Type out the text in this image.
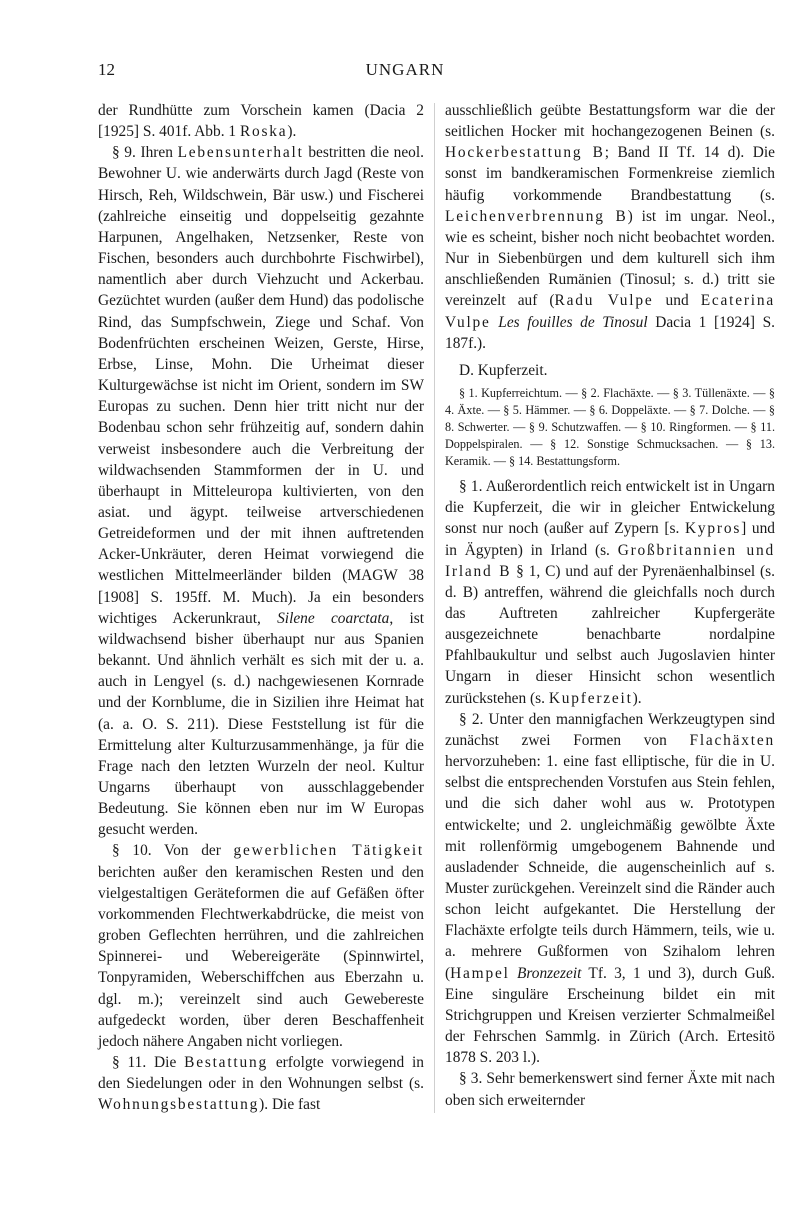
12	UNGARN

der Rundhütte zum Vorschein kamen (Dacia 2 [1925] S. 401f. Abb. 1 Roska).

§ 9. Ihren Lebensunterhalt bestritten die neol. Bewohner U. wie anderwärts durch Jagd (Reste von Hirsch, Reh, Wildschwein, Bär usw.) und Fischerei (zahlreiche einseitig und doppelseitig gezahnte Harpunen, Angelhaken, Netzsenker, Reste von Fischen, besonders auch durchbohrte Fischwirbel), namentlich aber durch Viehzucht und Ackerbau. Gezüchtet wurden (außer dem Hund) das podolische Rind, das Sumpfschwein, Ziege und Schaf. Von Bodenfrüchten erscheinen Weizen, Gerste, Hirse, Erbse, Linse, Mohn. Die Urheimat dieser Kulturgewächse ist nicht im Orient, sondern im SW Europas zu suchen. Denn hier tritt nicht nur der Bodenbau schon sehr frühzeitig auf, sondern dahin verweist insbesondere auch die Verbreitung der wildwachsenden Stammformen der in U. und überhaupt in Mitteleuropa kultivierten, von den asiat. und ägypt. teilweise artverschiedenen Getreideformen und der mit ihnen auftretenden Acker-Unkräuter, deren Heimat vorwiegend die westlichen Mittelmeerländer bilden (MAGW 38 [1908] S. 195ff. M. Much). Ja ein besonders wichtiges Ackerunkraut, Silene coarctata, ist wildwachsend bisher überhaupt nur aus Spanien bekannt. Und ähnlich verhält es sich mit der u. a. auch in Lengyel (s. d.) nachgewiesenen Kornrade und der Kornblume, die in Sizilien ihre Heimat hat (a. a. O. S. 211). Diese Feststellung ist für die Ermittelung alter Kulturzusammenhänge, ja für die Frage nach den letzten Wurzeln der neol. Kultur Ungarns überhaupt von ausschlaggebender Bedeutung. Sie können eben nur im W Europas gesucht werden.

§ 10. Von der gewerblichen Tätigkeit berichten außer den keramischen Resten und den vielgestaltigen Geräteformen die auf Gefäßen öfter vorkommenden Flechtwerkabdrücke, die meist von groben Geflechten herrühren, und die zahlreichen Spinnerei- und Webereigeräte (Spinnwirtel, Tonpyramiden, Weberschiffchen aus Eberzahn u. dgl. m.); vereinzelt sind auch Gewebereste aufgedeckt worden, über deren Beschaffenheit jedoch nähere Angaben nicht vorliegen.

§ 11. Die Bestattung erfolgte vorwiegend in den Siedelungen oder in den Wohnungen selbst (s. Wohnungsbestattung). Die fast

ausschließlich geübte Bestattungsform war die der seitlichen Hocker mit hochangezogenen Beinen (s. Hockerbestattung B; Band II Tf. 14 d). Die sonst im bandkeramischen Formenkreise ziemlich häufig vorkommende Brandbestattung (s. Leichenverbrennung B) ist im ungar. Neol., wie es scheint, bisher noch nicht beobachtet worden. Nur in Siebenbürgen und dem kulturell sich ihm anschließenden Rumänien (Tinosul; s. d.) tritt sie vereinzelt auf (Radu Vulpe und Ecaterina Vulpe Les fouilles de Tinosul Dacia 1 [1924] S. 187f.).

D. Kupferzeit.

§ 1. Kupferreichtum. — § 2. Flachäxte. — § 3. Tüllenäxte. — § 4. Äxte. — § 5. Hämmer. — § 6. Doppeläxte. — § 7. Dolche. — § 8. Schwerter. — § 9. Schutzwaffen. — § 10. Ringformen. — § 11. Doppelspiralen. — § 12. Sonstige Schmucksachen. — § 13. Keramik. — § 14. Bestattungsform.

§ 1. Außerordentlich reich entwickelt ist in Ungarn die Kupferzeit, die wir in gleicher Entwickelung sonst nur noch (außer auf Zypern [s. Kypros] und in Ägypten) in Irland (s. Großbritannien und Irland B § 1, C) und auf der Pyrenäenhalbinsel (s. d. B) antreffen, während die gleichfalls noch durch das Auftreten zahlreicher Kupfergeräte ausgezeichnete benachbarte nordalpine Pfahlbaukultur und selbst auch Jugoslavien hinter Ungarn in dieser Hinsicht schon wesentlich zurückstehen (s. Kupferzeit).

§ 2. Unter den mannigfachen Werkzeugtypen sind zunächst zwei Formen von Flachäxten hervorzuheben: 1. eine fast elliptische, für die in U. selbst die entsprechenden Vorstufen aus Stein fehlen, und die sich daher wohl aus w. Prototypen entwickelte; und 2. ungleichmäßig gewölbte Äxte mit rollenförmig umgebogenem Bahnende und ausladender Schneide, die augenscheinlich auf s. Muster zurückgehen. Vereinzelt sind die Ränder auch schon leicht aufgekantet. Die Herstellung der Flachäxte erfolgte teils durch Hämmern, teils, wie u. a. mehrere Gußformen von Szihalom lehren (Hampel Bronzezeit Tf. 3, 1 und 3), durch Guß. Eine singuläre Erscheinung bildet ein mit Strichgruppen und Kreisen verzierter Schmalmeißel der Fehrschen Sammlg. in Zürich (Arch. Ertesitö 1878 S. 203 l.).

§ 3. Sehr bemerkenswert sind ferner Äxte mit nach oben sich erweiternder
